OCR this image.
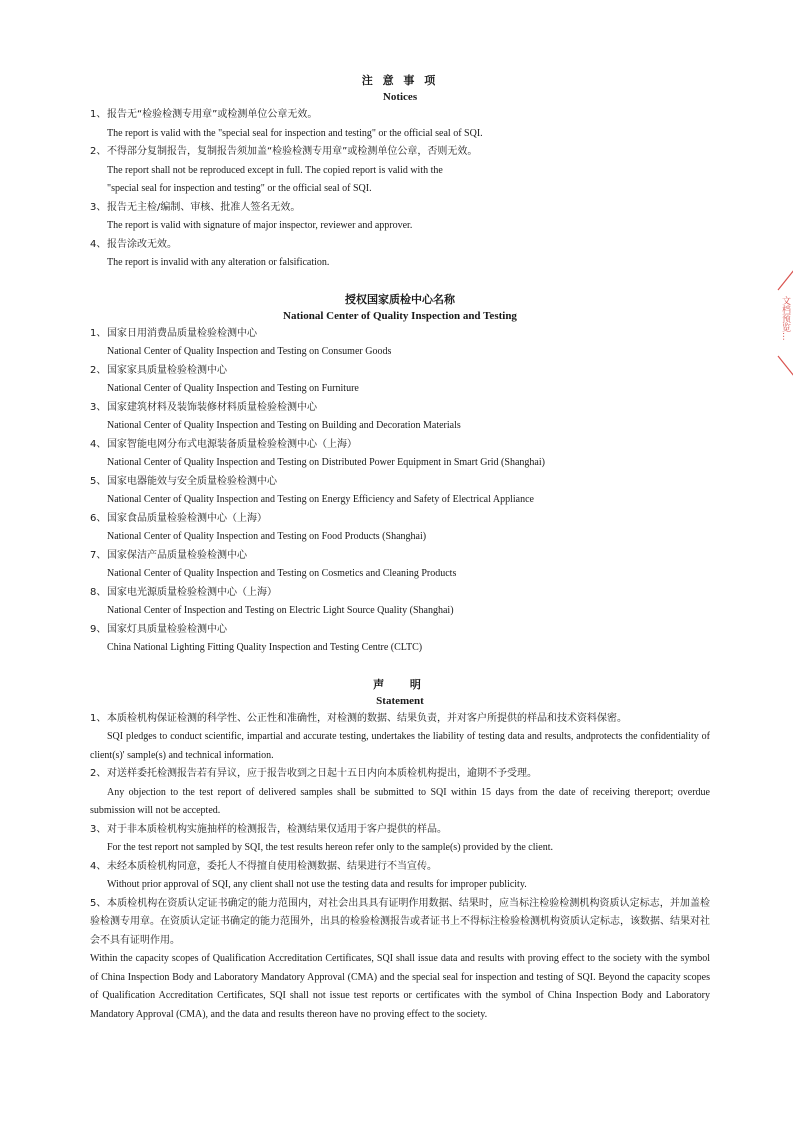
注 意 事 项

Notices

1、报告无“检验检测专用章”或检测单位公章无效。

The report is valid with the "special seal for inspection and testing" or the official seal of SQI.

2、不得部分复制报告，复制报告须加盖“检验检测专用章”或检测单位公章，否则无效。

The report shall not be reproduced except in full. The copied report is valid with the

"special seal for inspection and testing" or the official seal of SQI.

3、报告无主检/编制、审核、批准人签名无效。

The report is valid with signature of major inspector, reviewer and approver.

4、报告涂改无效。

The report is invalid with any alteration or falsification.

授权国家质检中心名称

National Center of Quality Inspection and Testing

1、国家日用消费品质量检验检测中心

National Center of Quality Inspection and Testing on Consumer Goods

2、国家家具质量检验检测中心

National Center of Quality Inspection and Testing on Furniture

3、国家建筑材料及装饰装修材料质量检验检测中心

National Center of Quality Inspection and Testing on Building and Decoration Materials

4、国家智能电网分布式电源装备质量检验检测中心（上海）

National Center of Quality Inspection and Testing on Distributed Power Equipment in Smart Grid (Shanghai)

5、国家电器能效与安全质量检验检测中心

National Center of Quality Inspection and Testing on Energy Efficiency and Safety of Electrical Appliance

6、国家食品质量检验检测中心（上海）

National Center of Quality Inspection and Testing on Food Products (Shanghai)

7、国家保洁产品质量检验检测中心

National Center of Quality Inspection and Testing on Cosmetics and Cleaning Products

8、国家电光源质量检验检测中心（上海）

National Center of Inspection and Testing on Electric Light Source Quality (Shanghai)

9、国家灯具质量检验检测中心

China National Lighting Fitting Quality Inspection and Testing Centre (CLTC)

声  明

Statement

1、本质检机构保证检测的科学性、公正性和准确性，对检测的数据、结果负责，并对客户所提供的样品和技术资料保密。

SQI pledges to conduct scientific, impartial and accurate testing, undertakes the liability of testing data and results, andprotects the confidentiality of client(s)' sample(s) and technical information.

2、对送样委托检测报告若有异议，应于报告收到之日起十五日内向本质检机构提出，逾期不予受理。

Any objection to the test report of delivered samples shall be submitted to SQI within 15 days from the date of receiving thereport; overdue submission will not be accepted.

3、对于非本质检机构实施抽样的检测报告，检测结果仅适用于客户提供的样品。

For the test report not sampled by SQI, the test results hereon refer only to the sample(s) provided by the client.

4、未经本质检机构同意，委托人不得擅自使用检测数据、结果进行不当宣传。

Without prior approval of SQI, any client shall not use the testing data and results for improper publicity.

5、本质检机构在资质认定证书确定的能力范围内，对社会出具具有证明作用数据、结果时，应当标注检验检测机构资质认定标志，并加盖检验检测专用章。在资质认定证书确定的能力范围外，出具的检验检测报告或者证书上不得标注检验检测机构资质认定标志，该数据、结果对社会不具有证明作用。

Within the capacity scopes of Qualification Accreditation Certificates, SQI shall issue data and results with proving effect to the society with the symbol of China Inspection Body and Laboratory Mandatory Approval (CMA) and the special seal for inspection and testing of SQI. Beyond the capacity scopes of Qualification Accreditation Certificates, SQI shall not issue test reports or certificates with the symbol of China Inspection Body and Laboratory Mandatory Approval (CMA), and the data and results thereon have no proving effect to the society.

文档预览...
